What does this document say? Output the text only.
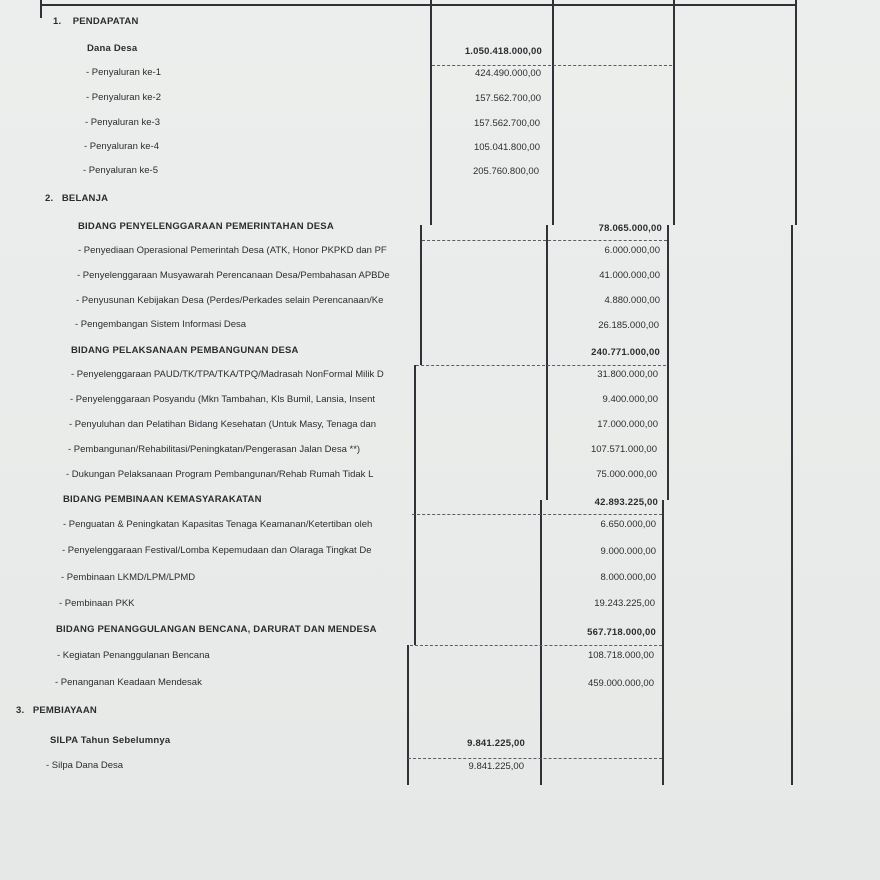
1. PENDAPATAN
Dana Desa	1.050.418.000,00
- Penyaluran ke-1	424.490.000,00
- Penyaluran ke-2	157.562.700,00
- Penyaluran ke-3	157.562.700,00
- Penyaluran ke-4	105.041.800,00
- Penyaluran ke-5	205.760.800,00
2. BELANJA
BIDANG PENYELENGGARAAN PEMERINTAHAN DESA	78.065.000,00
- Penyediaan Operasional Pemerintah Desa (ATK, Honor PKPKD dan PF	6.000.000,00
- Penyelenggaraan Musyawarah Perencanaan Desa/Pembahasan APBDe	41.000.000,00
- Penyusunan Kebijakan Desa (Perdes/Perkades selain Perencanaan/Ke	4.880.000,00
- Pengembangan Sistem Informasi Desa	26.185.000,00
BIDANG PELAKSANAAN PEMBANGUNAN DESA	240.771.000,00
- Penyelenggaraan PAUD/TK/TPA/TKA/TPQ/Madrasah NonFormal Milik D	31.800.000,00
- Penyelenggaraan Posyandu (Mkn Tambahan, Kls Bumil, Lansia, Insent	9.400.000,00
- Penyuluhan dan Pelatihan Bidang Kesehatan (Untuk Masy, Tenaga dan	17.000.000,00
- Pembangunan/Rehabilitasi/Peningkatan/Pengerasan Jalan Desa **)	107.571.000,00
- Dukungan Pelaksanaan Program Pembangunan/Rehab Rumah Tidak L	75.000.000,00
BIDANG PEMBINAAN KEMASYARAKATAN	42.893.225,00
- Penguatan & Peningkatan Kapasitas Tenaga Keamanan/Ketertiban oleh	6.650.000,00
- Penyelenggaraan Festival/Lomba Kepemudaan dan Olaraga Tingkat De	9.000.000,00
- Pembinaan LKMD/LPM/LPMD	8.000.000,00
- Pembinaan PKK	19.243.225,00
BIDANG PENANGGULANGAN BENCANA, DARURAT DAN MENDESA	567.718.000,00
- Kegiatan Penanggulanan Bencana	108.718.000,00
- Penanganan Keadaan Mendesak	459.000.000,00
3. PEMBIAYAAN
SILPA Tahun Sebelumnya	9.841.225,00
- Silpa Dana Desa	9.841.225,00
